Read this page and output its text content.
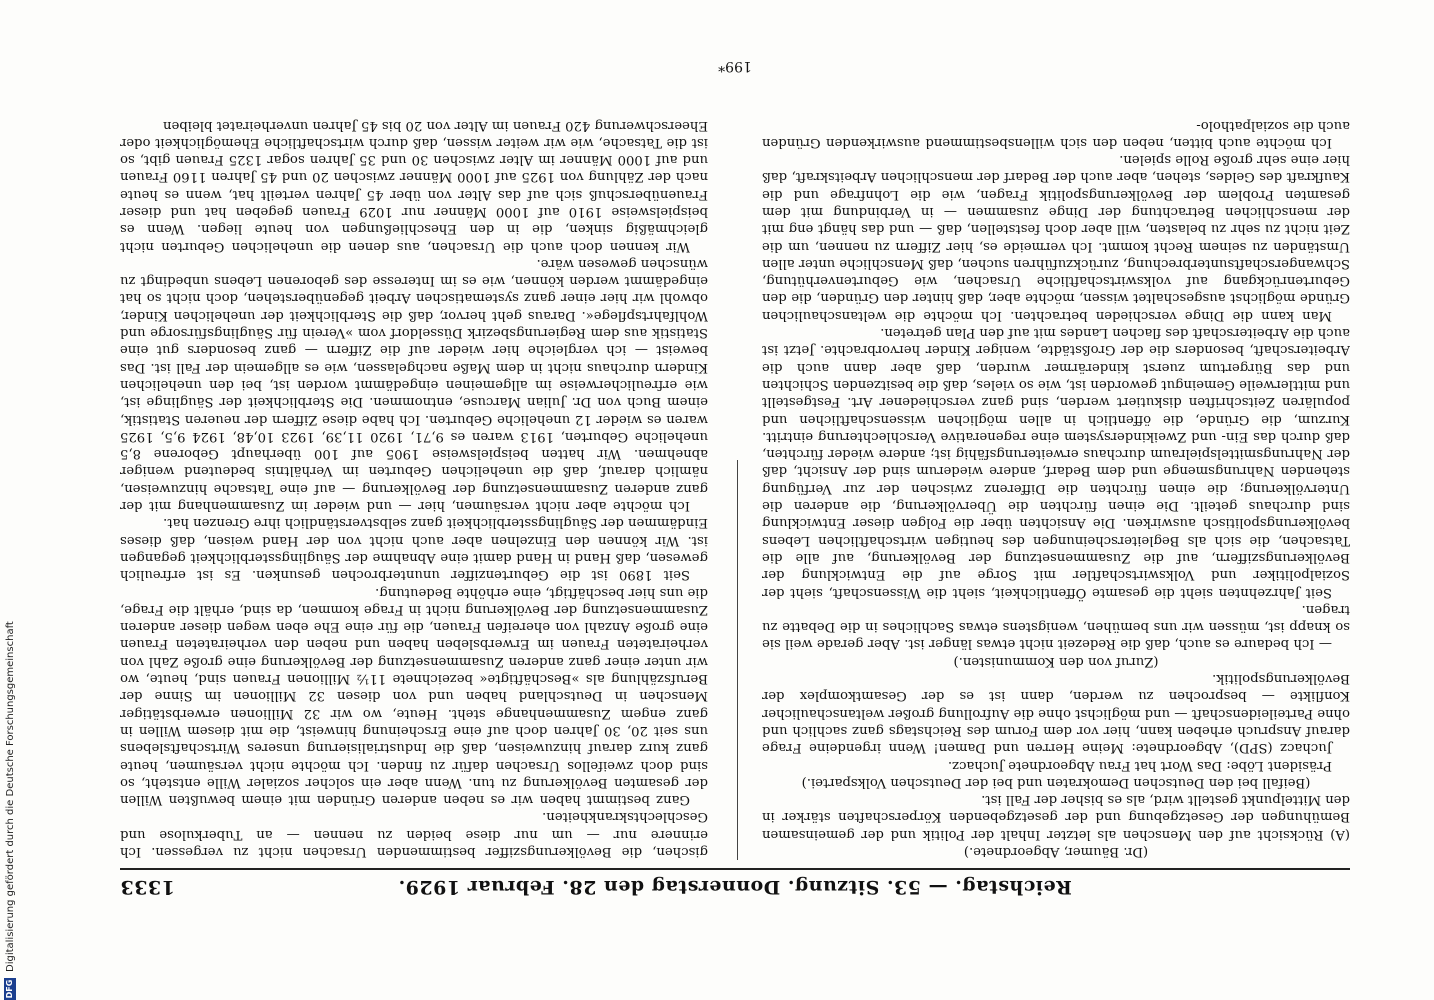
Reichstag. — 53. Sitzung. Donnerstag den 28. Februar 1929.
1333

(Dr. Bäumer, Abgeordnete.)

(A) Rücksicht auf den Menschen als letzter Inhalt der Politik und der gemeinsamen Bemühungen der Gesetzgebung und der gesetzgebenden Körperschaften stärker in den Mittelpunkt gestellt wird, als es bisher der Fall ist.

(Beifall bei den Deutschen Demokraten und bei der Deutschen Volkspartei.)

Präsident Löbe: Das Wort hat Frau Abgeordnete Juchacz.

Juchacz (SPD), Abgeordnete: Meine Herren und Damen! Wenn irgendeine Frage darauf Anspruch erheben kann, hier vor dem Forum des Reichstags ganz sachlich und ohne Parteileidenschaft — und möglichst ohne die Aufrollung großer weltanschaulicher Konflikte — besprochen zu werden, dann ist es der Gesamtkomplex der Bevölkerungspolitik.

(Zuruf von den Kommunisten.)

— Ich bedaure es auch, daß die Redezeit nicht etwas länger ist. Aber gerade weil sie so knapp ist, müssen wir uns bemühen, wenigstens etwas Sachliches in die Debatte zu tragen.

Seit Jahrzehnten sieht die gesamte Öffentlichkeit, sieht die Wissenschaft, sieht der Sozialpolitiker und Volkswirtschaftler mit Sorge auf die Entwicklung der Bevölkerungsziffern, auf die Zusammensetzung der Bevölkerung, auf alle die Tatsachen, die sich als Begleiterscheinungen des heutigen wirtschaftlichen Lebens bevölkerungspolitisch auswirken. Die Ansichten über die Folgen dieser Entwicklung sind durchaus geteilt. Die einen fürchten die Übervölkerung, die anderen die Untervölkerung; die einen fürchten die Differenz zwischen der zur Verfügung stehenden Nahrungsmenge und dem Bedarf, andere wiederum sind der Ansicht, daß der Nahrungsmittelspielraum durchaus erweiterungsfähig ist; andere wieder fürchten, daß durch das Ein- und Zweikindersystem eine regenerative Verschlechterung eintritt. Kurzum, die Gründe, die öffentlich in allen möglichen wissenschaftlichen und populären Zeitschriften diskutiert werden, sind ganz verschiedener Art. Festgestellt und mittlerweile Gemeingut geworden ist, wie so vieles, daß die besitzenden Schichten und das Bürgertum zuerst kinderärmer wurden, daß aber dann auch die Arbeiterschaft, besonders die der Großstädte, weniger Kinder hervorbrachte. Jetzt ist auch die Arbeiterschaft des flachen Landes mit auf den Plan getreten.

Man kann die Dinge verschieden betrachten. Ich möchte die weltanschaulichen Gründe möglichst ausgeschaltet wissen, möchte aber, daß hinter den Gründen, die den Geburtenrückgang auf volkswirtschaftliche Ursachen, wie Geburtenverhütung, Schwangerschaftsunterbrechung, zurückzuführen suchen, daß Menschliche unter allen Umständen zu seinem Recht kommt. Ich vermeide es, hier Ziffern zu nennen, um die Zeit nicht zu sehr zu belasten, will aber doch feststellen, daß — und das hängt eng mit der menschlichen Betrachtung der Dinge zusammen — in Verbindung mit dem gesamten Problem der Bevölkerungspolitik Fragen, wie die Lohnfrage und die Kaufkraft des Geldes, stehen, aber auch der Bedarf der menschlichen Arbeitskraft, daß hier eine sehr große Rolle spielen.

Ich möchte auch bitten, neben den sich willensbestimmend auswirkenden Gründen auch die sozialpatholo-

gischen, die Bevölkerungsziffer bestimmenden Ursachen nicht zu vergessen. Ich erinnere nur — um nur diese beiden zu nennen — an Tuberkulose und Geschlechtskrankheiten.

Ganz bestimmt haben wir es neben anderen Gründen mit einem bewußten Willen der gesamten Bevölkerung zu tun. Wenn aber ein solcher sozialer Wille entsteht, so sind doch zweifellos Ursachen dafür zu finden. Ich möchte nicht versäumen, heute ganz kurz darauf hinzuweisen, daß die Industrialisierung unseres Wirtschaftslebens uns seit 20, 30 Jahren doch auf eine Erscheinung hinweist, die mit diesem Willen in ganz engem Zusammenhange steht. Heute, wo wir 32 Millionen erwerbstätiger Menschen in Deutschland haben und von diesen 32 Millionen im Sinne der Berufszählung als »Beschäftigte« bezeichnete 11½ Millionen Frauen sind, heute, wo wir unter einer ganz anderen Zusammensetzung der Bevölkerung eine große Zahl von verheirateten Frauen im Erwerbsleben haben und neben den verheirateten Frauen eine große Anzahl von ehereifen Frauen, die für eine Ehe eben wegen dieser anderen Zusammensetzung der Bevölkerung nicht in Frage kommen, da sind, erhält die Frage, die uns hier beschäftigt, eine erhöhte Bedeutung.

Seit 1890 ist die Geburtenziffer ununterbrochen gesunken. Es ist erfreulich gewesen, daß Hand in Hand damit eine Abnahme der Säuglingssterblichkeit gegangen ist. Wir können den Einzelnen aber auch nicht von der Hand weisen, daß dieses Eindämmen der Säuglingssterblichkeit ganz selbstverständlich ihre Grenzen hat.

Ich möchte aber nicht versäumen, hier — und wieder im Zusammenhang mit der ganz anderen Zusammensetzung der Bevölkerung — auf eine Tatsache hinzuweisen, nämlich darauf, daß die unehelichen Geburten im Verhältnis bedeutend weniger abnehmen. Wir hatten beispielsweise 1905 auf 100 überhaupt Geborene 8,5 uneheliche Geburten, 1913 waren es 9,71, 1920 11,39, 1923 10,48, 1924 9,5, 1925 waren es wieder 12 uneheliche Geburten. Ich habe diese Ziffern der neueren Statistik, einem Buch von Dr. Julian Marcuse, entnommen. Die Sterblichkeit der Säuglinge ist, wie erfreulicherweise im allgemeinen eingedämmt worden ist, bei den unehelichen Kindern durchaus nicht in dem Maße nachgelassen, wie es allgemein der Fall ist. Das beweist — ich vergleiche hier wieder auf die Ziffern — ganz besonders gut eine Statistik aus dem Regierungsbezirk Düsseldorf vom »Verein für Säuglingsfürsorge und Wohlfahrtspflege«. Daraus geht hervor, daß die Sterblichkeit der unehelichen Kinder, obwohl wir hier einer ganz systematischen Arbeit gegenüberstehen, doch nicht so hat eingedämmt werden können, wie es im Interesse des geborenen Lebens unbedingt zu wünschen gewesen wäre.

Wir kennen doch auch die Ursachen, aus denen die unehelichen Geburten nicht gleichmäßig sinken, die in den Eheschließungen von heute liegen. Wenn es beispielsweise 1910 auf 1000 Männer nur 1029 Frauen gegeben hat und dieser Frauenüberschuß sich auf das Alter von über 45 Jahren verteilt hat, wenn es heute nach der Zählung von 1925 auf 1000 Männer zwischen 20 und 45 Jahren 1160 Frauen und auf 1000 Männer im Alter zwischen 30 und 35 Jahren sogar 1325 Frauen gibt, so ist die Tatsache, wie wir weiter wissen, daß durch wirtschaftliche Ehemöglichkeit oder Eheerschwerung 420 Frauen im Alter von 20 bis 45 Jahren unverheiratet bleiben

199*
DFG
Digitalisierung gefördert durch die Deutsche Forschungsgemeinschaft
